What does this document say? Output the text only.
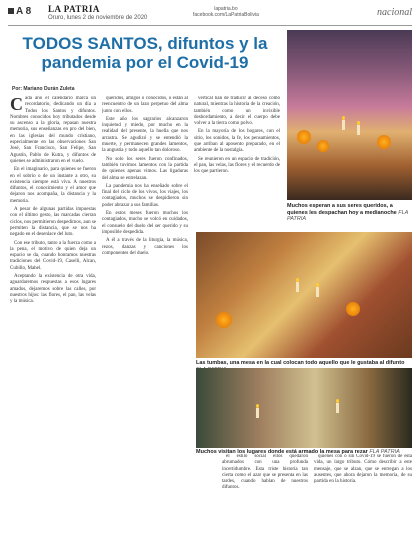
A 8 LA PATRIA
Oruro, lunes 2 de noviembre de 2020
lapatria.bo
facebook.com/LaPatriaBolivia	nacional
TODOS SANTOS, difuntos y la pandemia por el Covid-19
Por: Mariano Durán Zuleta

Cada año el calendario marca un recordatorio, dedicando un día a Todos los Santos y difuntos. Nombres conocidos hoy tributados desde su ascenso a la gloria, repasan nuestra memoria, sus enseñanzas en pro del bien, en las iglesias del mundo cristiano, especialmente en las observaciones San José, San Francisco, San Felipe, San Agustín, Pablo de Kutra, y difuntos de quienes se administraron en el vuelo.

En el imaginario, para quienes se fueron en el sobrio o de un instante a otro, su existencia siempre está viva. A nuestros difuntos, el conocimiento y el amor que dejaron nos acompaña, la distancia y la memoria.

A pesar de algunas partidas impuestas con el último gesto, las marcadas cierran ciclos, nos permitieron despedirnos, aun se permiten la distancia, que se nos ha negado en el desenlace del luto.

Con ese tributo, tanto a la fuerza como a la pena, el motivo de quien deja un espacio se da, cuando honramos nuestras tradiciones del Covid-19, Caselli, Alcan, Cubillo, Mabel.

Aceptando la existencia de otra vida, aguardaremos respuestas a esos lugares amados, dejaremos sobre las calles, por nuestros hijos: las flores, el pan, las velas y la música.

queridos, amigos o conocidos, o están al reencuentro de un lazo perpetuo del alma junto con ellos.

Este año los sagrarios alcanzaron inquietud y miedo, por mucho en la realidad del presente, la huella que nos arrastra. Se agudizó y se entendió la muerte, y permanecen grandes lamentos, la angustia y todo aquello tan doloroso.

No solo los seres fueron confinados, también tuvimos lamentos con la partida de quienes apenas vimos. Las ligaduras del alma se entrelazan.

La pandemia nos ha enseñado sobre el final del ciclo de los vivos, los viajes, los contagiados, muchos se despidieron sin poder abrazar a sus familias.

En estos meses fueron muchos los contagiados, mucho se volcó en cuidados, el consuelo del duelo del ser querido y su imposible despedida.

A él a través de la liturgia, la música, rezos, danzas y canciones los componentes del duelo.

vertical han de traducir al deceso como natural, mientras la historia de la creación, también como un invisible desbordamiento, a decir el cuerpo debe volver a la tierra como polvo.

En la mayoría de los hogares, con el sitio, los sonidos, la fe, los pensamientos, que arriban al aposento preparado, en el ambiente de la nostalgia.

Se reunieron en un espacio de tradición, el pan, las velas, las flores y el recuerdo de los que partieron.

Muchos esperan a sus seres queridos, a quienes les despachan hoy a medianoche FLA PATRIA
Las tumbas, una mesa en la cual colocan todo aquello que le gustaba al difunto
Muchos visitan los lugares donde está armado la mesa para rezar FLA PATRIA

el estilo social ellos quedaron abrumados con una profunda incertidumbre. Esta triste historia tan cierta como el azar que se presenta en las tardes, cuando hablan de nuestros difuntos.

quienes con o sin Covid-19 se fueron de esta vida, un largo tributo. Cómo describir a este mensaje, que se alzan, que se entregan a los ausentes, que ahora dejaron la memoria, de su partida en la historia.
